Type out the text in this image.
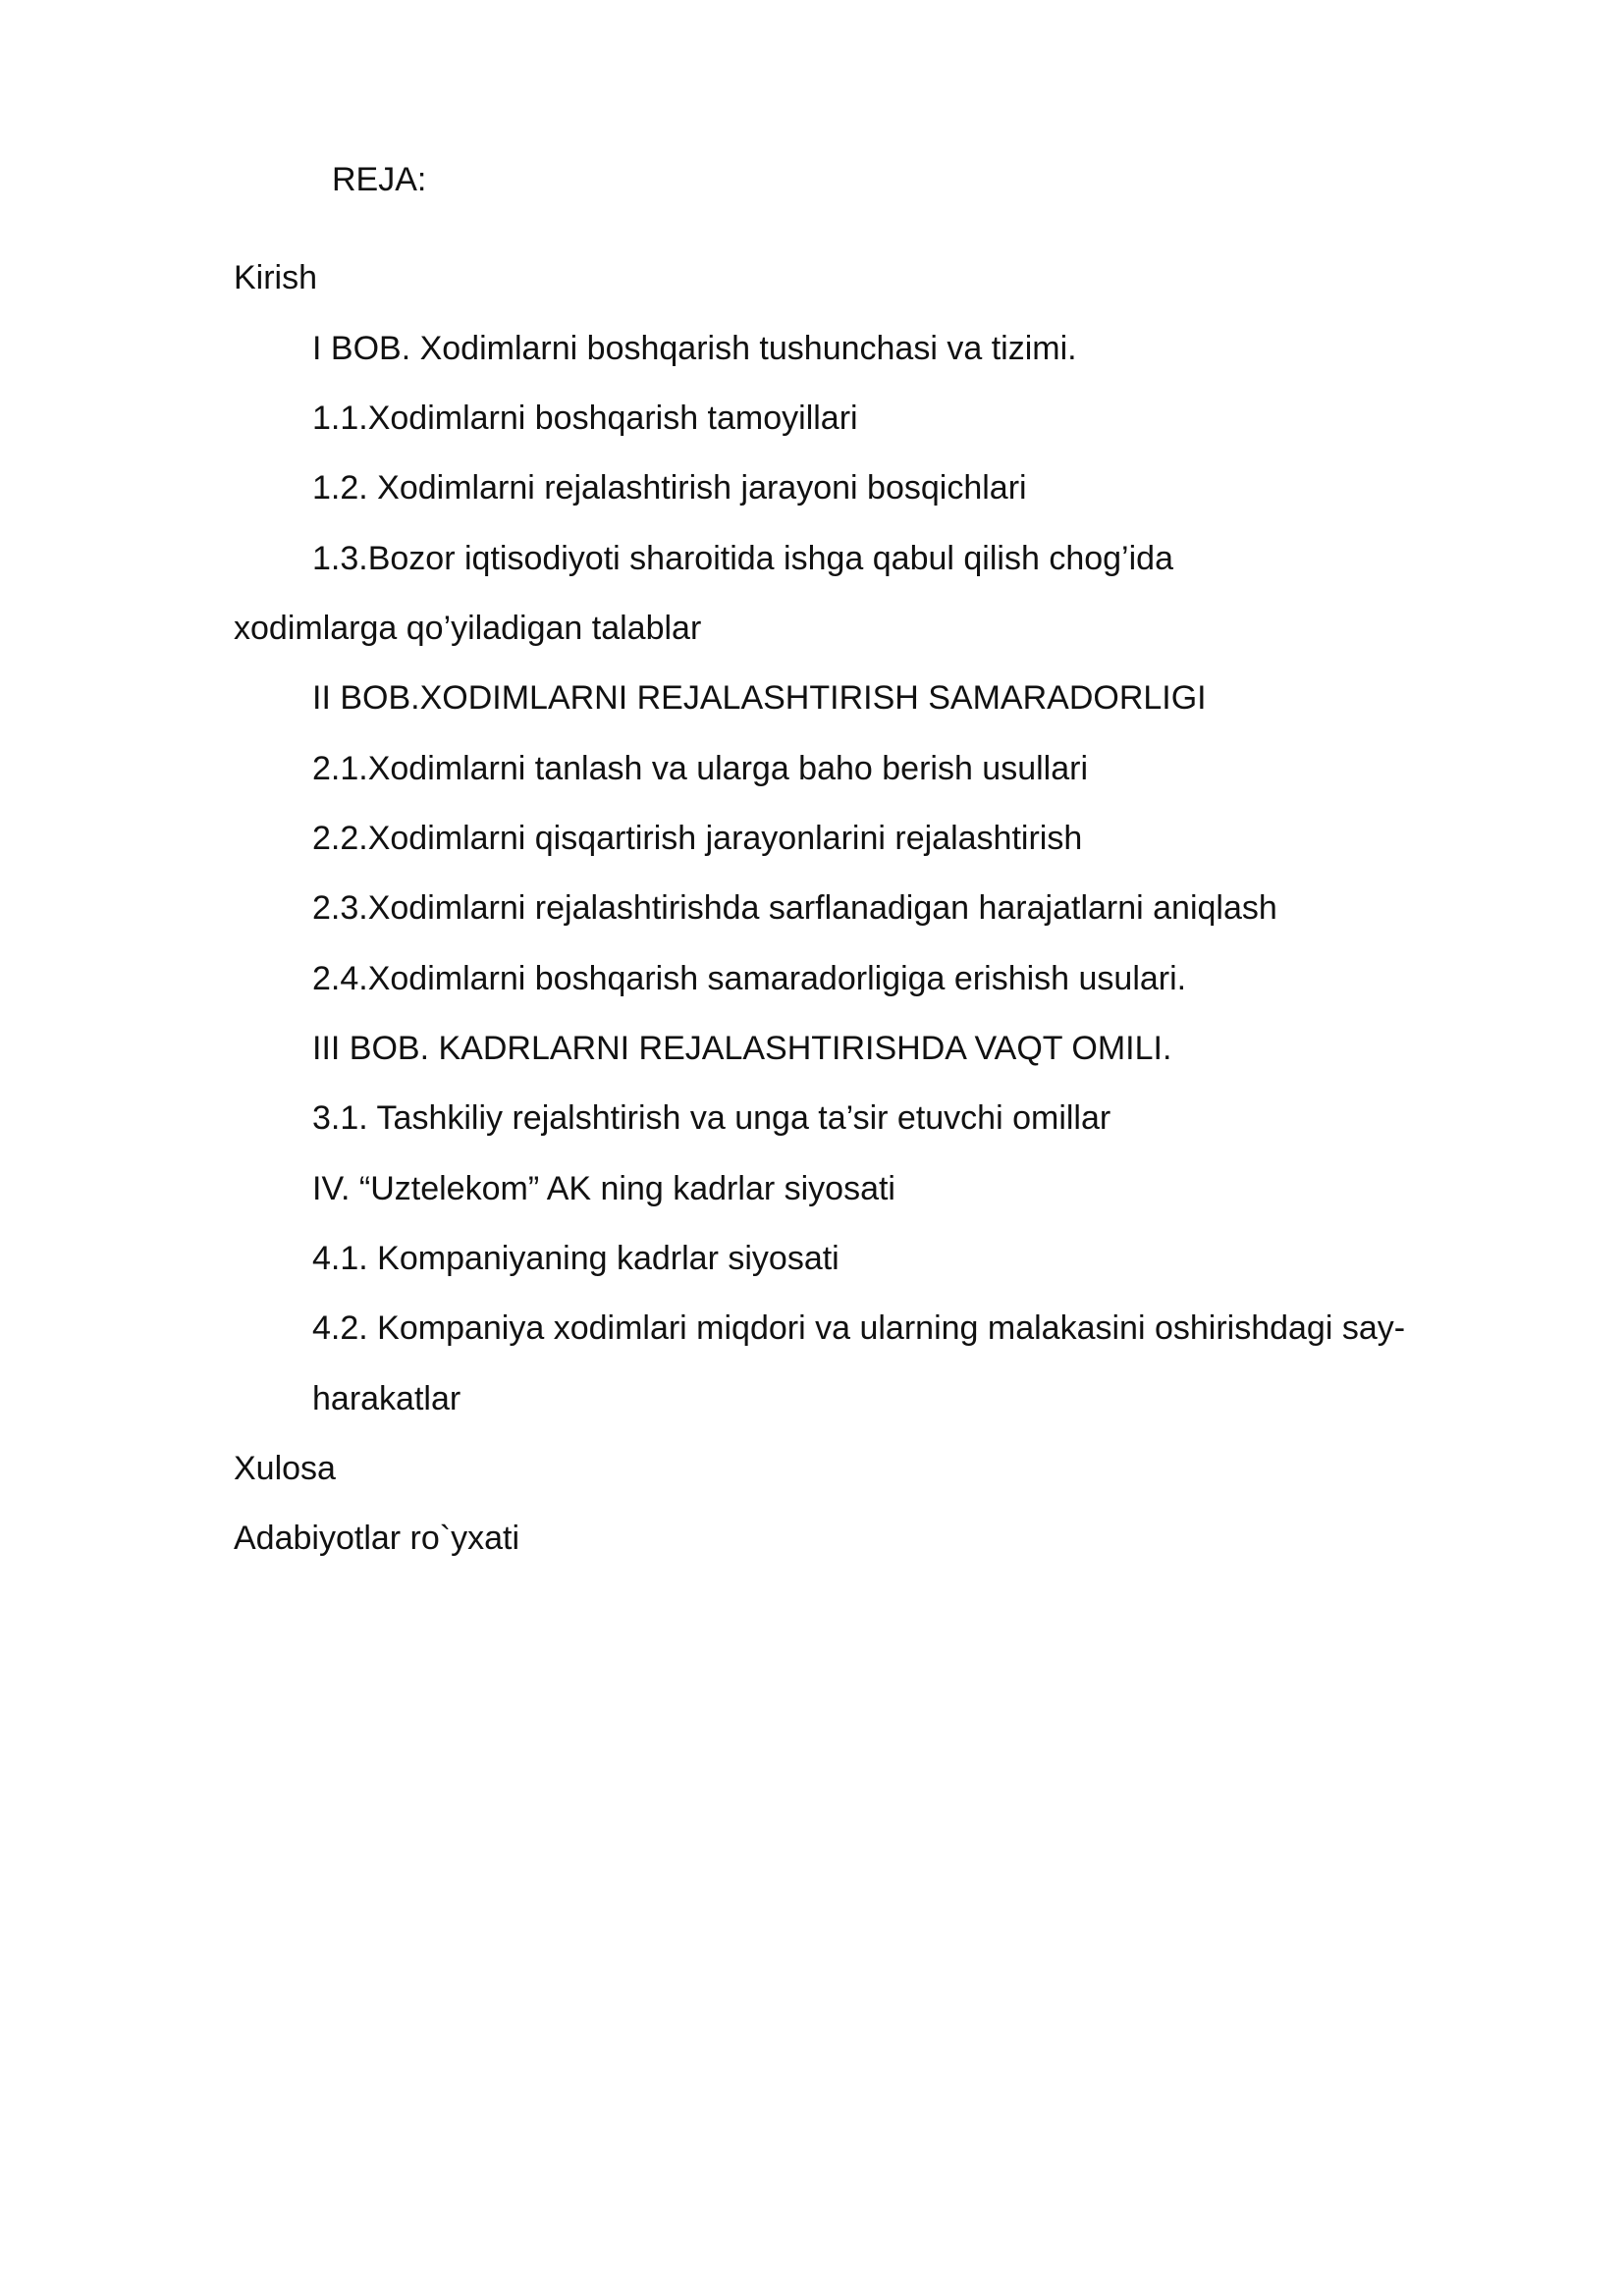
REJA:
Kirish
I BOB. Xodimlarni boshqarish tushunchasi va tizimi.
1.1.Xodimlarni boshqarish tamoyillari
1.2. Xodimlarni rejalashtirish jarayoni bosqichlari
1.3.Bozor iqtisodiyoti sharoitida ishga qabul qilish chog’ida
xodimlarga qo’yiladigan talablar
II BOB.XODIMLARNI REJALASHTIRISH SAMARADORLIGI
2.1.Xodimlarni tanlash va ularga baho berish usullari
2.2.Xodimlarni qisqartirish jarayonlarini rejalashtirish
2.3.Xodimlarni rejalashtirishda sarflanadigan harajatlarni aniqlash
2.4.Xodimlarni boshqarish samaradorligiga erishish usulari.
III BOB. KADRLARNI REJALASHTIRISHDA VAQT OMILI.
3.1. Tashkiliy rejalshtirish va unga ta’sir etuvchi omillar
IV. “Uztelekom” AK ning kadrlar siyosati
4.1. Kompaniyaning kadrlar siyosati
4.2. Kompaniya xodimlari miqdori va ularning malakasini oshirishdagi say-
harakatlar
Xulosa
Adabiyotlar ro`yxati
